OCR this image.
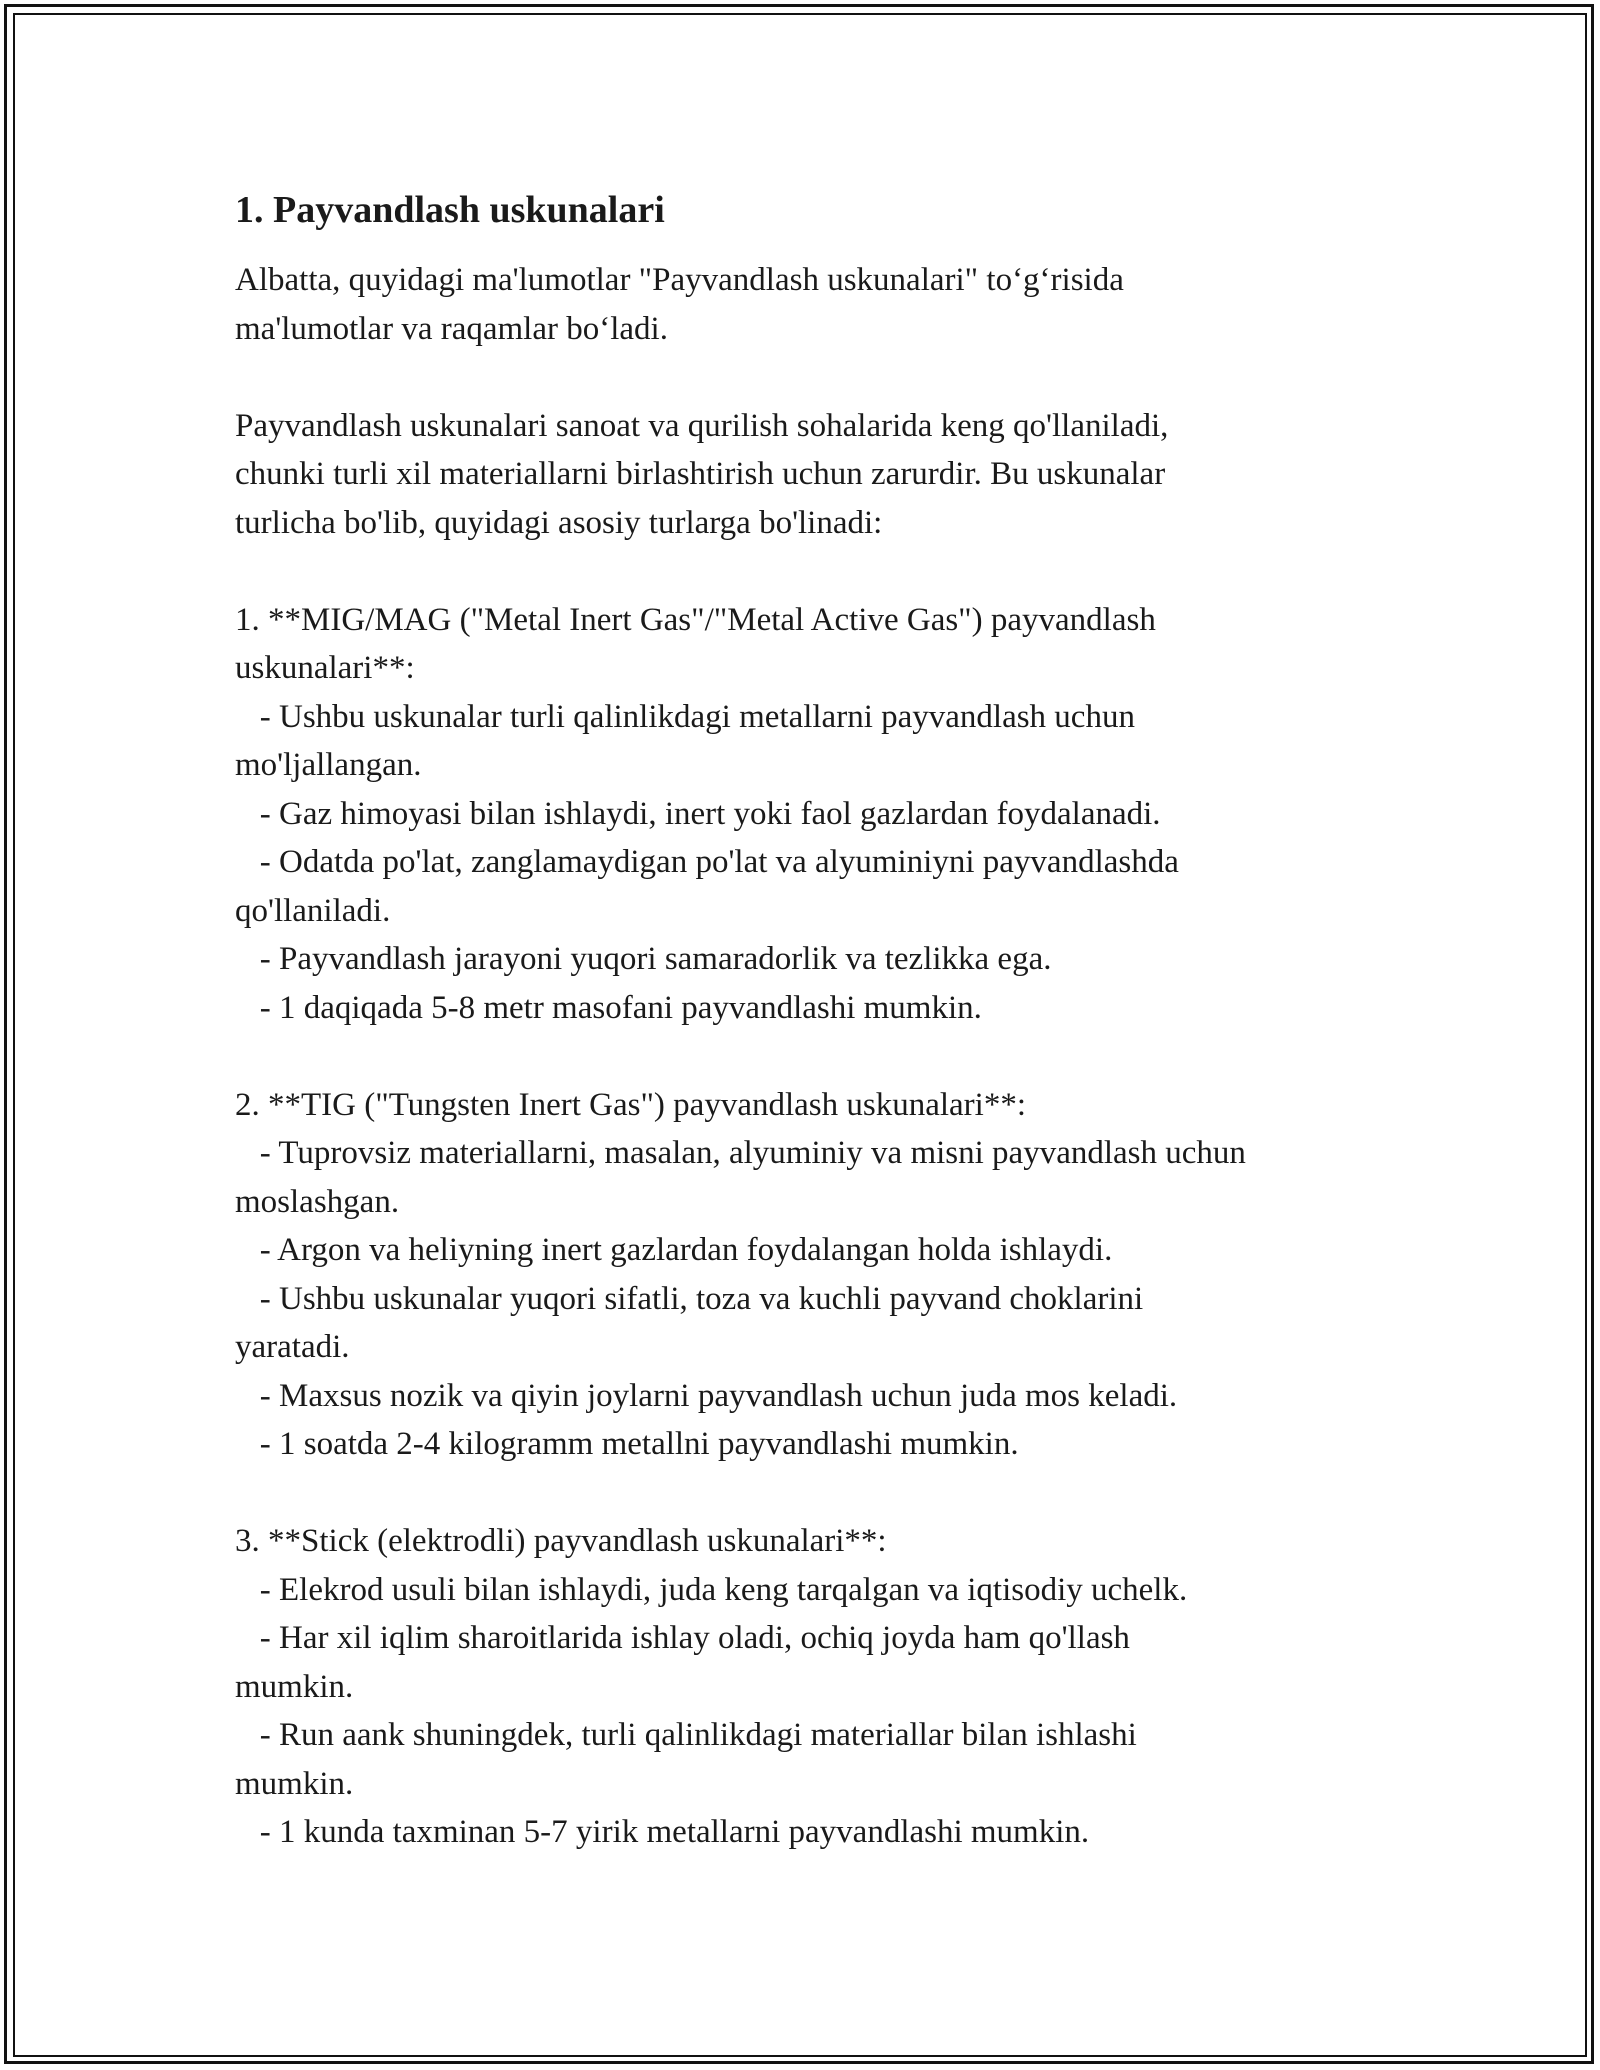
1. Payvandlash uskunalari

Albatta, quyidagi ma'lumotlar "Payvandlash uskunalari" to‘g‘risida
ma'lumotlar va raqamlar bo‘ladi.

Payvandlash uskunalari sanoat va qurilish sohalarida keng qo'llaniladi,
chunki turli xil materiallarni birlashtirish uchun zarurdir. Bu uskunalar
turlicha bo'lib, quyidagi asosiy turlarga bo'linadi:

1. **MIG/MAG ("Metal Inert Gas"/"Metal Active Gas") payvandlash
uskunalari**:
- Ushbu uskunalar turli qalinlikdagi metallarni payvandlash uchun
mo'ljallangan.
- Gaz himoyasi bilan ishlaydi, inert yoki faol gazlardan foydalanadi.
- Odatda po'lat, zanglamaydigan po'lat va alyuminiyni payvandlashda
qo'llaniladi.
- Payvandlash jarayoni yuqori samaradorlik va tezlikka ega.
- 1 daqiqada 5-8 metr masofani payvandlashi mumkin.

2. **TIG ("Tungsten Inert Gas") payvandlash uskunalari**:
- Tuprovsiz materiallarni, masalan, alyuminiy va misni payvandlash uchun
moslashgan.
- Argon va heliyning inert gazlardan foydalangan holda ishlaydi.
- Ushbu uskunalar yuqori sifatli, toza va kuchli payvand choklarini
yaratadi.
- Maxsus nozik va qiyin joylarni payvandlash uchun juda mos keladi.
- 1 soatda 2-4 kilogramm metallni payvandlashi mumkin.

3. **Stick (elektrodli) payvandlash uskunalari**:
- Elekrod usuli bilan ishlaydi, juda keng tarqalgan va iqtisodiy uchelk.
- Har xil iqlim sharoitlarida ishlay oladi, ochiq joyda ham qo'llash
mumkin.
- Run aank shuningdek, turli qalinlikdagi materiallar bilan ishlashi
mumkin.
- 1 kunda taxminan 5-7 yirik metallarni payvandlashi mumkin.
